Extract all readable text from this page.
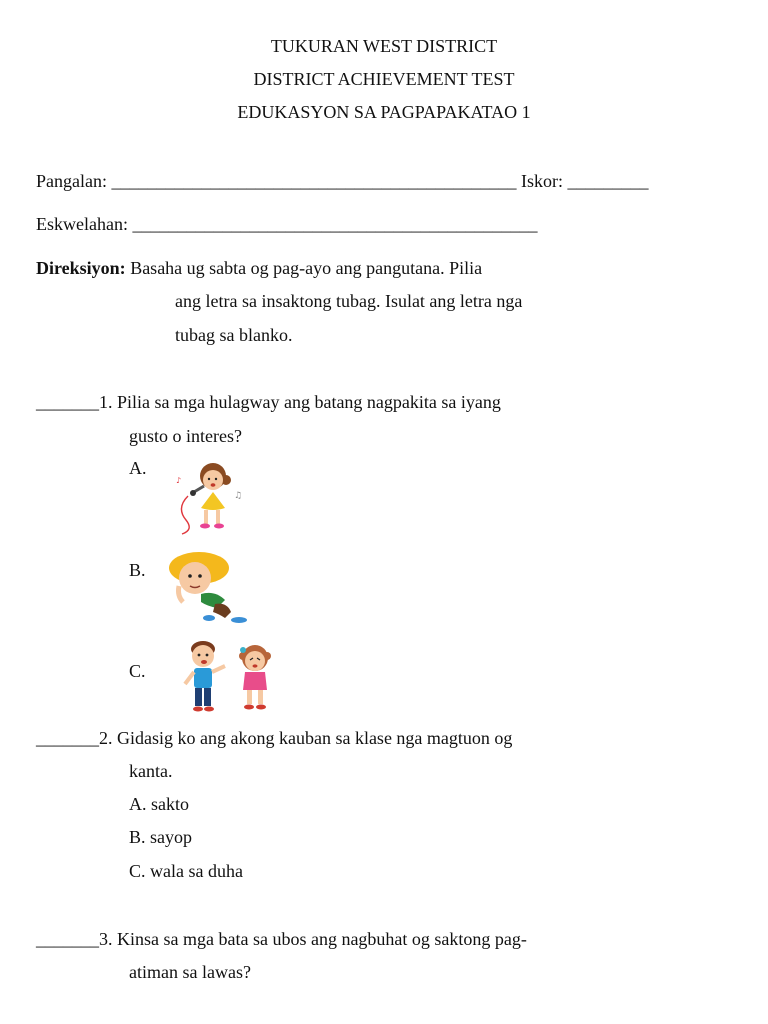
TUKURAN WEST DISTRICT
DISTRICT ACHIEVEMENT TEST
EDUKASYON SA PAGPAPAKATAO 1
Pangalan: _____________________________________________ Iskor: _________
Eskwelahan: _____________________________________________
Direksiyon: Basaha ug sabta og pag-ayo ang pangutana. Pilia
ang letra sa insaktong tubag. Isulat ang letra nga
tubag sa blanko.
_______1. Pilia sa mga hulagway ang batang nagpakita sa iyang
gusto o interes?
A.
B.
C.
♪
♫
_______2. Gidasig ko ang akong kauban sa klase nga magtuon og
kanta.
A. sakto
B. sayop
C. wala sa duha
_______3. Kinsa sa mga bata sa ubos ang nagbuhat og saktong pag-
atiman sa lawas?
